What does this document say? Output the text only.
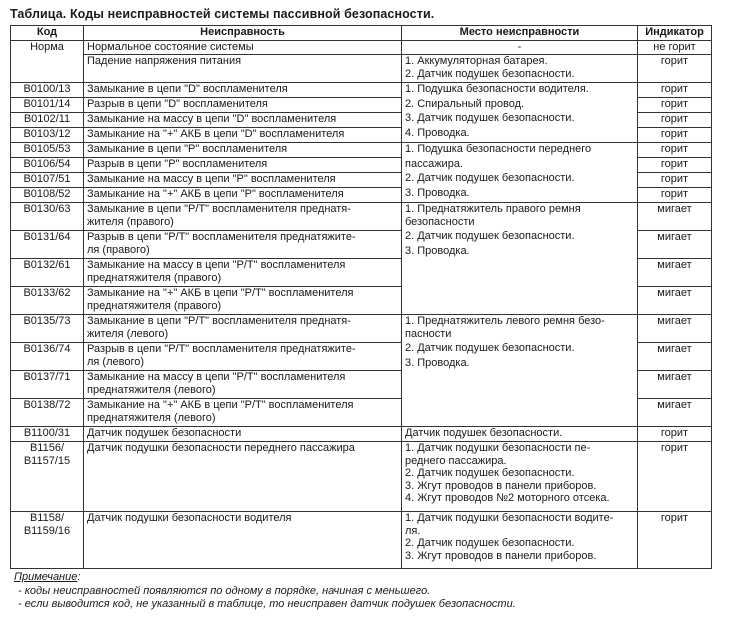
Таблица. Коды неисправностей системы пассивной безопасности.
Код	Неисправность	Место неисправности	Индикатор
Норма	Нормальное состояние системы	-	не горит
	Падение напряжения питания	1. Аккумуляторная батарея.
2. Датчик подушек безопасности.	горит
B0100/13	Замыкание в цепи "D" воспламенителя	1. Подушка безопасности водителя.
2. Спиральный провод.
3. Датчик подушек безопасности.
4. Проводка.	горит
B0101/14	Разрыв в цепи "D" воспламенителя		горит
B0102/11	Замыкание на массу в цепи "D" воспламенителя		горит
B0103/12	Замыкание на "+" АКБ в цепи "D" воспламенителя		горит
B0105/53	Замыкание в цепи "Р" воспламенителя	1. Подушка безопасности переднего
пассажира.
2. Датчик подушек безопасности.
3. Проводка.	горит
B0106/54	Разрыв в цепи "Р" воспламенителя		горит
B0107/51	Замыкание на массу в цепи "Р" воспламенителя		горит
B0108/52	Замыкание на "+" АКБ в цепи "Р" воспламенителя		горит
B0130/63	Замыкание в цепи "Р/Т" воспламенителя преднатя-
жителя (правого)	1. Преднатяжитель правого ремня
безопасности
2. Датчик подушек безопасности.
3. Проводка.	мигает
B0131/64	Разрыв в цепи "Р/Т" воспламенителя преднатяжите-
ля (правого)		мигает
B0132/61	Замыкание на массу в цепи "Р/Т" воспламенителя
преднатяжителя (правого)		мигает
B0133/62	Замыкание на "+" АКБ в цепи "Р/Т" воспламенителя
преднатяжителя (правого)		мигает
B0135/73	Замыкание в цепи "Р/Т" воспламенителя преднатя-
жителя (левого)	1. Преднатяжитель левого ремня безо-
пасности
2. Датчик подушек безопасности.
3. Проводка.	мигает
B0136/74	Разрыв в цепи "Р/Т" воспламенителя преднатяжите-
ля (левого)		мигает
B0137/71	Замыкание на массу в цепи "Р/Т" воспламенителя
преднатяжителя (левого)		мигает
B0138/72	Замыкание на "+" АКБ в цепи "Р/Т" воспламенителя
преднатяжителя (левого)		мигает
B1100/31	Датчик подушек безопасности	Датчик подушек безопасности.	горит

B1156/
B1157/15	Датчик подушки безопасности переднего пассажира	1. Датчик подушки безопасности пе-
реднего пассажира.
2. Датчик подушек безопасности.
3. Жгут проводов в панели приборов.
4. Жгут проводов №2 моторного отсека.	горит

B1158/
B1159/16	Датчик подушки безопасности водителя	1. Датчик подушки безопасности водите-
ля.
2. Датчик подушек безопасности.
3. Жгут проводов в панели приборов.	горит
Примечание:
- коды неисправностей появляются по одному в порядке, начиная с меньшего.
- если выводится код, не указанный в таблице, то неисправен датчик подушек безопасности.
